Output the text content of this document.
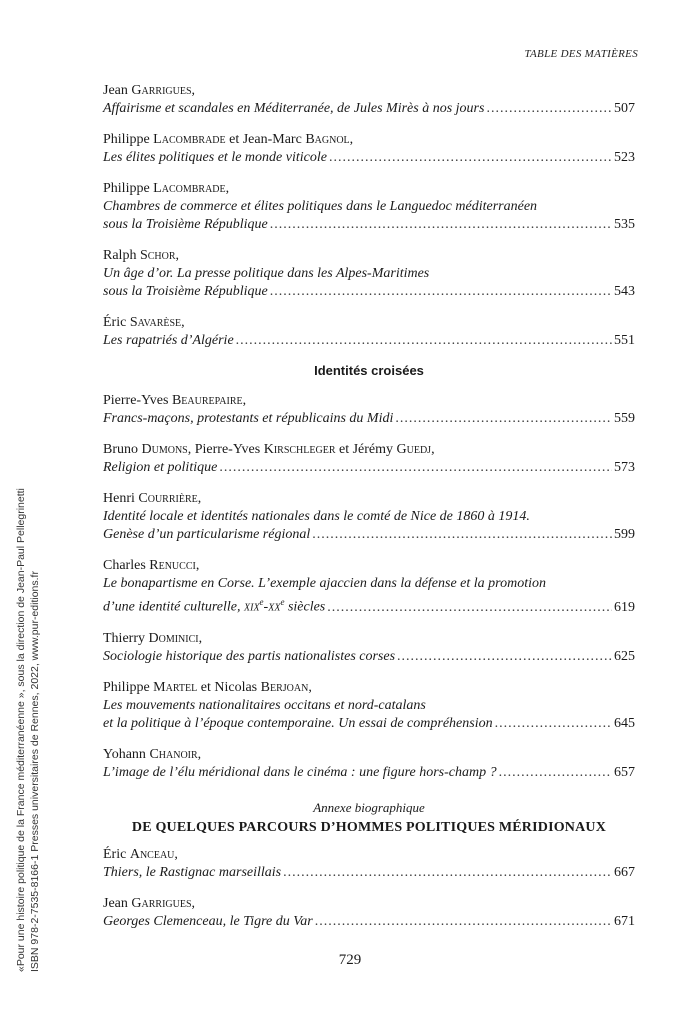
TABLE DES MATIÈRES
Jean Garrigues,
Affairisme et scandales en Méditerranée, de Jules Mirès à nos jours .....	507
Philippe Lacombrade et Jean-Marc Bagnol,
Les élites politiques et le monde viticole .....	523
Philippe Lacombrade,
Chambres de commerce et élites politiques dans le Languedoc méditerranéen
sous la Troisième République .....	535
Ralph Schor,
Un âge d’or. La presse politique dans les Alpes-Maritimes
sous la Troisième République .....	543
Éric Savarèse,
Les rapatriés d’Algérie .....	551
Identités croisées
Pierre-Yves Beaurepaire,
Francs-maçons, protestants et républicains du Midi .....	559
Bruno Dumons, Pierre-Yves Kirschleger et Jérémy Guedj,
Religion et politique .....	573
Henri Courrière,
Identité locale et identités nationales dans le comté de Nice de 1860 à 1914.
Genèse d’un particularisme régional .....	599
Charles Renucci,
Le bonapartisme en Corse. L’exemple ajaccien dans la défense et la promotion
d’une identité culturelle, $xix^e-xx^e$ siècles .....	619
Thierry Dominici,
Sociologie historique des partis nationalistes corses .....	625
Philippe Martel et Nicolas Berjoan,
Les mouvements nationalitaires occitans et nord-catalans
et la politique à l’époque contemporaine. Un essai de compréhension .....	645
Yohann Chanoir,
L’image de l’élu méridional dans le cinéma : une figure hors-champ ? .....	657
Annexe biographique
DE QUELQUES PARCOURS D’HOMMES POLITIQUES MÉRIDIONAUX
Éric Anceau,
Thiers, le Rastignac marseillais .....	667
Jean Garrigues,
Georges Clemenceau, le Tigre du Var .....	671
729
«Pour une histoire politique de la France méditerranéenne », sous la direction de Jean-Paul Pellegrinetti ISBN 978-2-7535-8166-1 Presses universitaires de Rennes, 2022, www.pur-editions.fr
